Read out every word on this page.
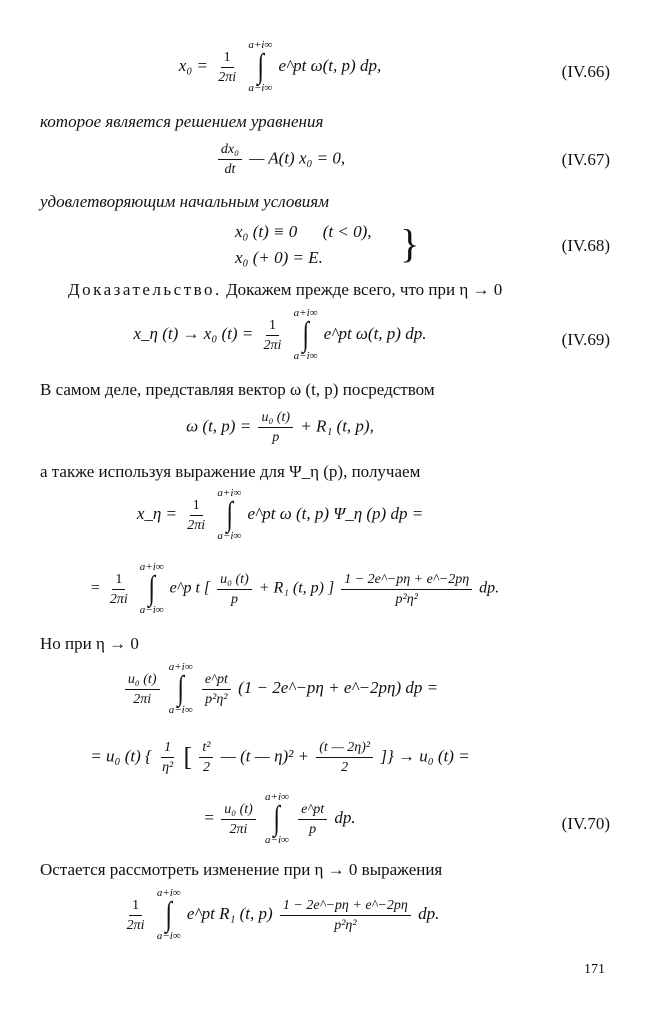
$x_0 = \frac{1}{2\pi i}$

a+i∞
∫
a−i∞
e^pt ω(t, p) dp,	(IV.66)
которое является решением уравнения
$\frac{\text{dx₀}}{dt}$ — A(t) x₀ = 0,	(IV.67)
удовлетворяющим начальным условиям
x₀ (t) ≡ 0      (t < 0),
x₀ (+ 0) = E. }	(IV.68)
Доказательство. Докажем прежде всего, что при η → 0
x_η (t) → x₀ $(t) = \frac{1}{2\pi i}$

a+i∞
∫
a−i∞
e^pt ω(t, p) dp.	(IV.69)
В самом деле, представляя вектор ω (t, p) посредством
ω (t, $p) = \frac{\text{u₀ (t)}}{p} + R_1$ (t, p),
а также используя выражение для Ψ_η (p), получаем
x_η = $\frac{1}{2\pi i}$

a+i∞
∫
a−i∞
e^pt ω (t, p) Ψ_η (p) dp =
= $\frac{1}{2\pi i}$

a+i∞
∫
a−i∞
e^p t [ $\frac{\text{u₀ (t)}}{p} + R_1$ (t, p) ] $\frac{1 - 2e\^{}-p\eta + e\^{}-2p\eta}{\text{p²η²}}$ dp.
Но при η → 0
$\frac{\text{u₀ (t)}}{2\pi i}$

a+i∞
∫
a−i∞

$\frac{e\^{}pt}{\text{p²η²}} (1$ − 2e^−pη + e^−2pη) dp =
= u₀ (t) { $\frac{1}{\text{η²}}$ [ $\frac{\text{t²}}{2}$ — (t — $\eta)^2 + \frac{\text{(t — 2η)²}}{2}$ ]} → u₀ (t) =
= $\frac{\text{u₀ (t)}}{2\pi i}$

a+i∞
∫
a−i∞

$\frac{e\^{}pt}{p}$ dp.	(IV.70)
Остается рассмотреть изменение при η → 0 выражения
$\frac{1}{2\pi i}$

a+i∞
∫
a−i∞
e^pt R₁ (t, $p) \frac{1 - 2e\^{}-p\eta + e\^{}-2p\eta}{\text{p²η²}}$ dp.
171
